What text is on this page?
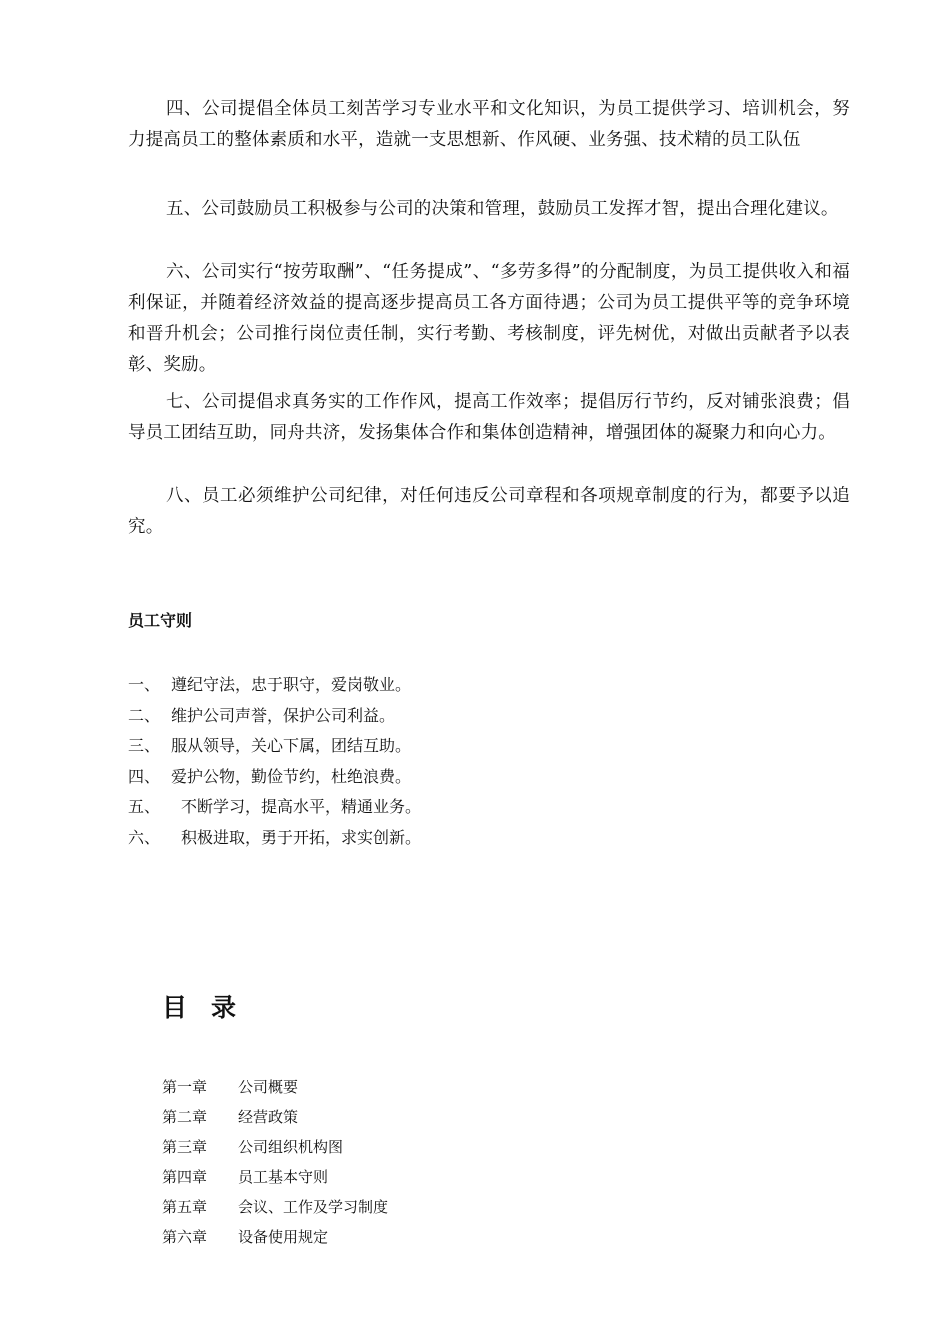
四、公司提倡全体员工刻苦学习专业水平和文化知识，为员工提供学习、培训机会，努力提高员工的整体素质和水平，造就一支思想新、作风硬、业务强、技术精的员工队伍

五、公司鼓励员工积极参与公司的决策和管理，鼓励员工发挥才智，提出合理化建议。

六、公司实行“按劳取酬”、“任务提成”、“多劳多得”的分配制度，为员工提供收入和福利保证，并随着经济效益的提高逐步提高员工各方面待遇；公司为员工提供平等的竞争环境和晋升机会；公司推行岗位责任制，实行考勤、考核制度，评先树优，对做出贡献者予以表彰、奖励。

七、公司提倡求真务实的工作作风，提高工作效率；提倡厉行节约，反对铺张浪费；倡导员工团结互助，同舟共济，发扬集体合作和集体创造精神，增强团体的凝聚力和向心力。

八、员工必须维护公司纪律，对任何违反公司章程和各项规章制度的行为，都要予以追究。

员工守则
一、 遵纪守法，忠于职守，爱岗敬业。
二、 维护公司声誉，保护公司利益。
三、 服从领导，关心下属，团结互助。
四、 爱护公物，勤俭节约，杜绝浪费。
五、 不断学习，提高水平，精通业务。
六、 积极进取，勇于开拓，求实创新。
目录
第一章 公司概要
第二章 经营政策
第三章 公司组织机构图
第四章 员工基本守则
第五章 会议、工作及学习制度
第六章 设备使用规定
